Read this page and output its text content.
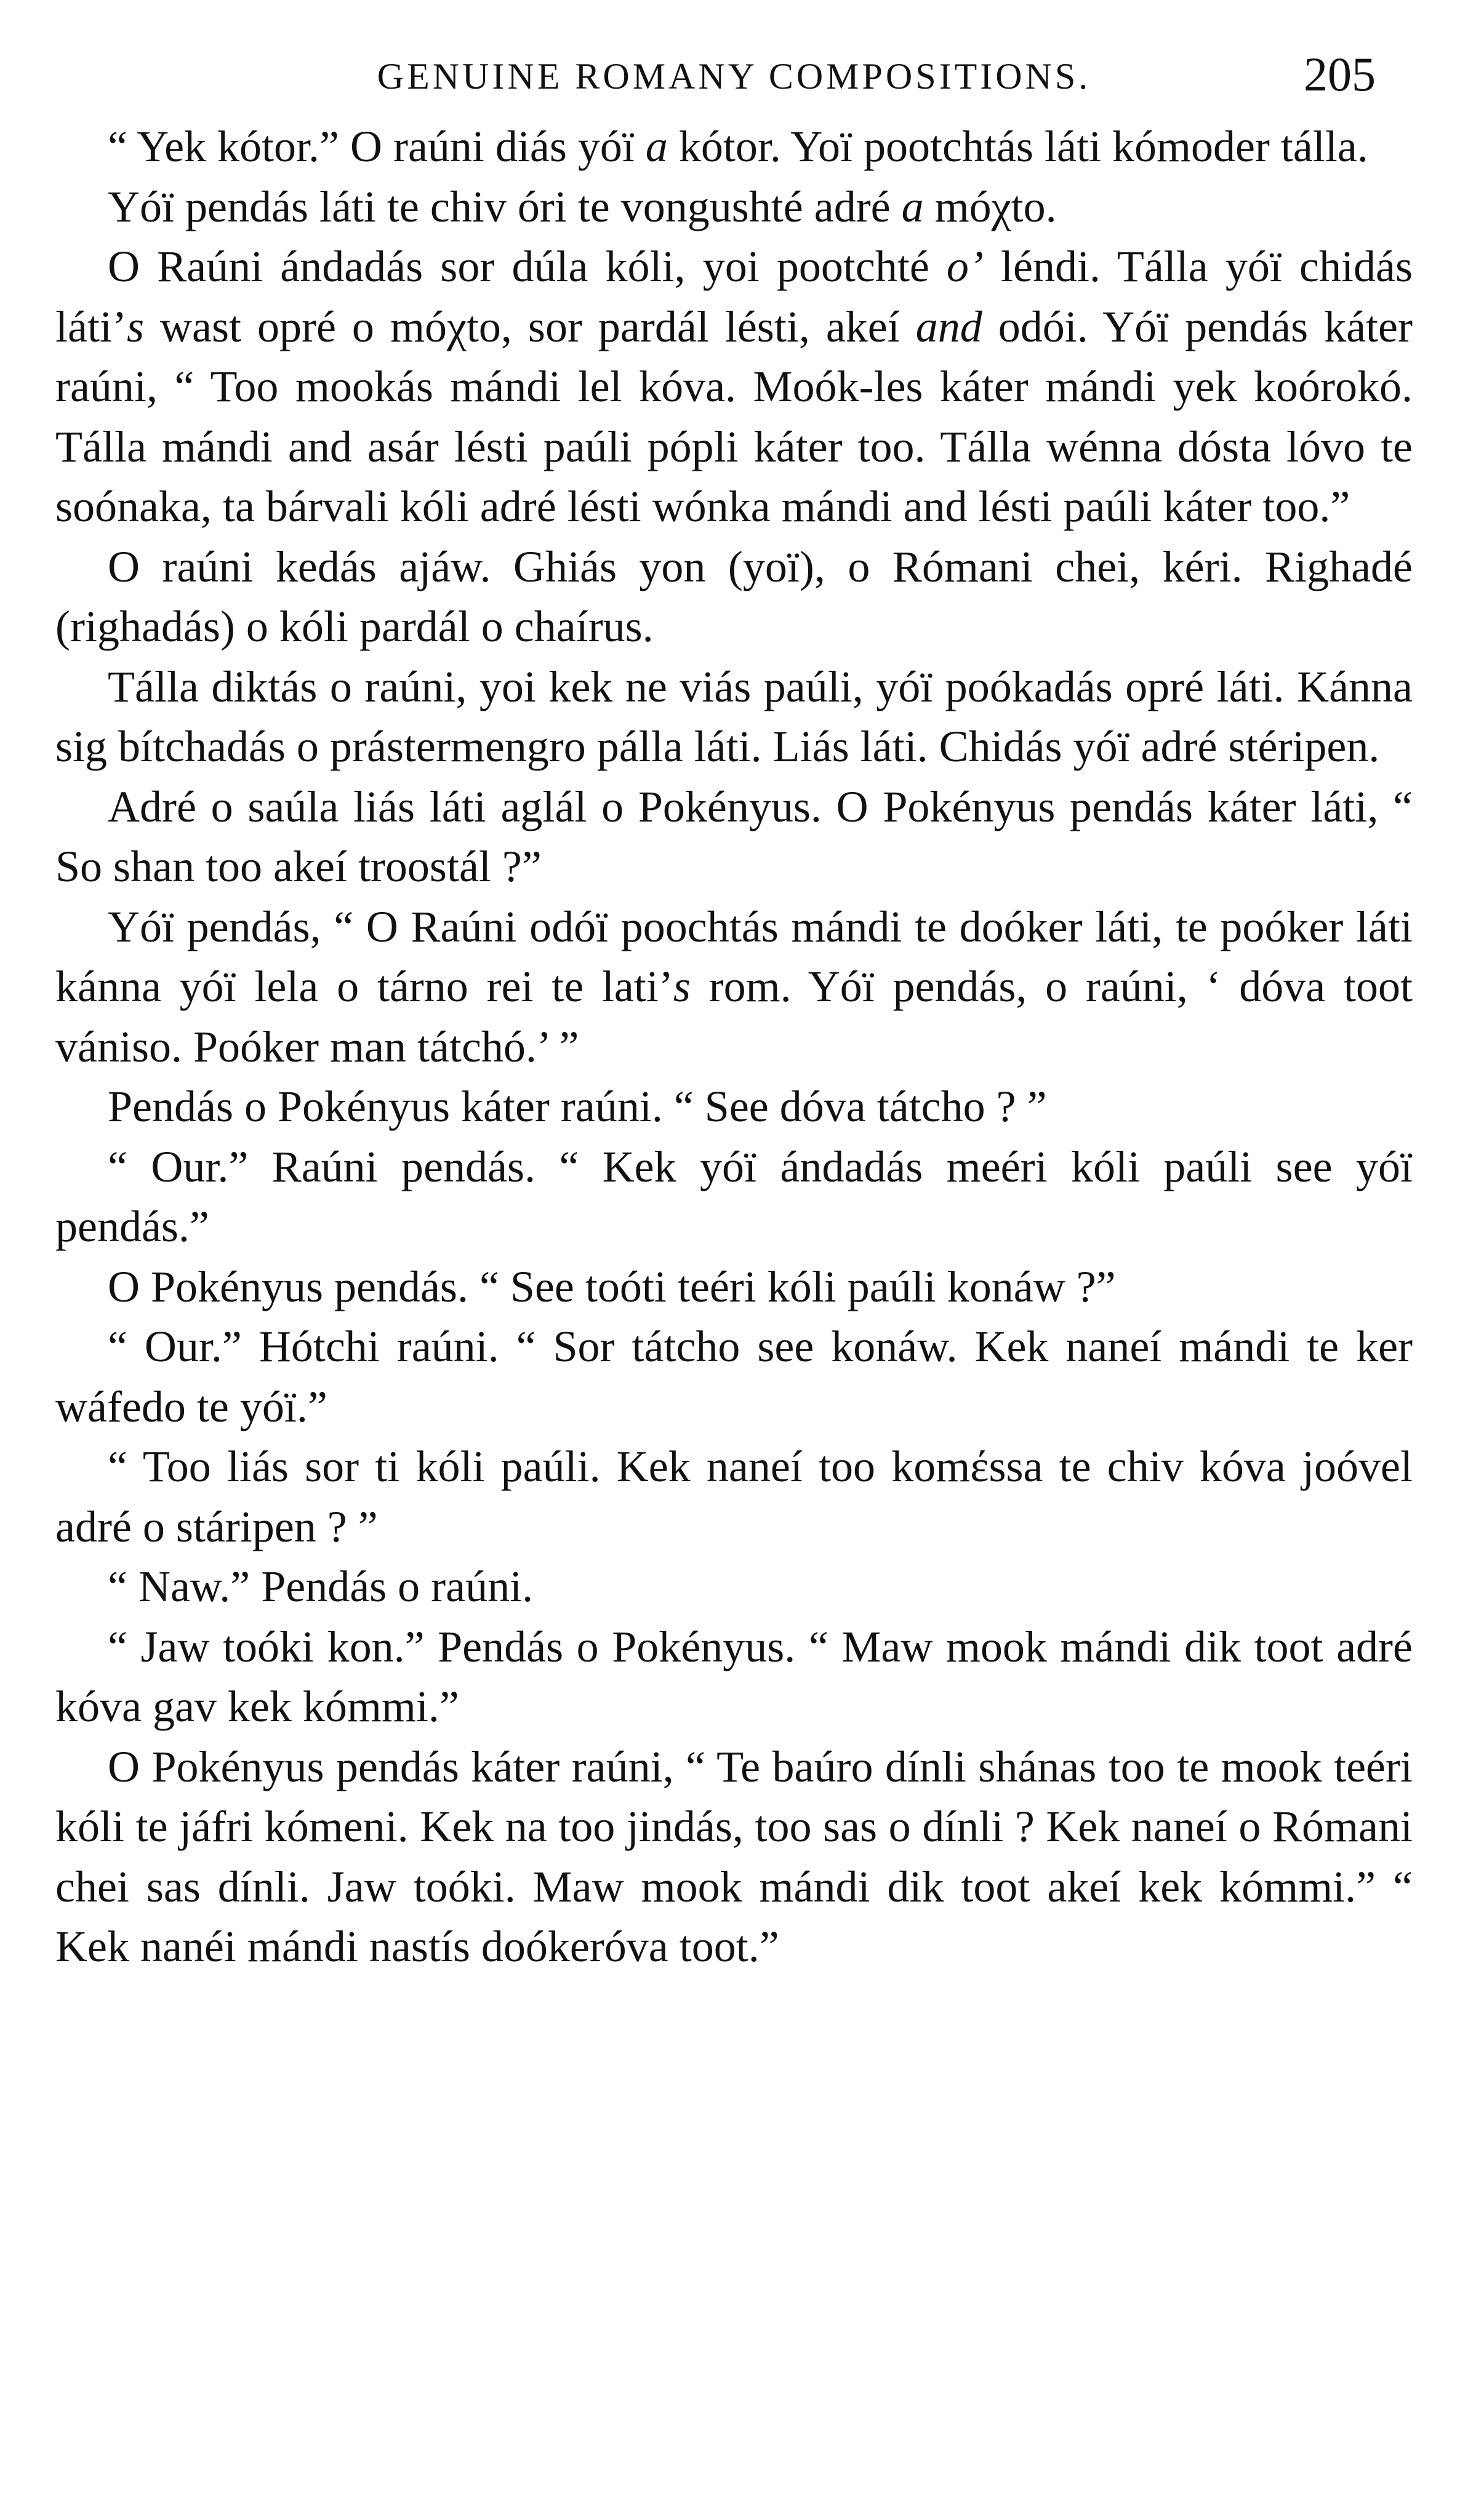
GENUINE ROMANY COMPOSITIONS.	205

“ Yek kótor.” O raúni diás yóï a kótor. Yoï pootchtás láti kómoder tálla.

Yóï pendás láti te chiv óri te vongushté adré a móχto.

O Raúni ándadás sor dúla kóli, yoi pootchté o’ léndi. Tálla yóï chidás láti’s wast opré o móχto, sor pardál lésti, akeí and odói. Yóï pendás káter raúni, “ Too mookás mándi lel kóva. Moók-les káter mándi yek koórokó. Tálla mándi and asár lésti paúli pópli káter too. Tálla wénna dósta lóvo te soónaka, ta bárvali kóli adré lésti wónka mándi and lésti paúli káter too.”

O raúni kedás ajáw. Ghiás yon (yoï), o Rómani chei, kéri. Righadé (righadás) o kóli pardál o chaírus.

Tálla diktás o raúni, yoi kek ne viás paúli, yóï poókadás opré láti. Kánna sig bítchadás o prástermengro pálla láti. Liás láti. Chidás yóï adré stéripen.

Adré o saúla liás láti aglál o Pokényus. O Pokényus pendás káter láti, “ So shan too akeí troostál ?”

Yóï pendás, “ O Raúni odóï poochtás mándi te doóker láti, te poóker láti kánna yóï lela o tárno rei te lati’s rom. Yóï pendás, o raúni, ‘ dóva toot vániso. Poóker man tátchó.’ ”

Pendás o Pokényus káter raúni. “ See dóva tátcho ? ”

“ Our.” Raúni pendás. “ Kek yóï ándadás meéri kóli paúli see yóï pendás.”

O Pokényus pendás. “ See toóti teéri kóli paúli konáw ?”

“ Our.” Hótchi raúni. “ Sor tátcho see konáw. Kek naneí mándi te ker wáfedo te yóï.”

“ Too liás sor ti kóli paúli. Kek naneí too komέssa te chiv kóva joóvel adré o stáripen ? ”

“ Naw.” Pendás o raúni.

“ Jaw toóki kon.” Pendás o Pokényus. “ Maw mook mándi dik toot adré kóva gav kek kómmi.”

O Pokényus pendás káter raúni, “ Te baúro dínli shánas too te mook teéri kóli te jáfri kómeni. Kek na too jindás, too sas o dínli ? Kek naneí o Rómani chei sas dínli. Jaw toóki. Maw mook mándi dik toot akeí kek kómmi.” “ Kek nanéi mándi nastís doókeróva toot.”
